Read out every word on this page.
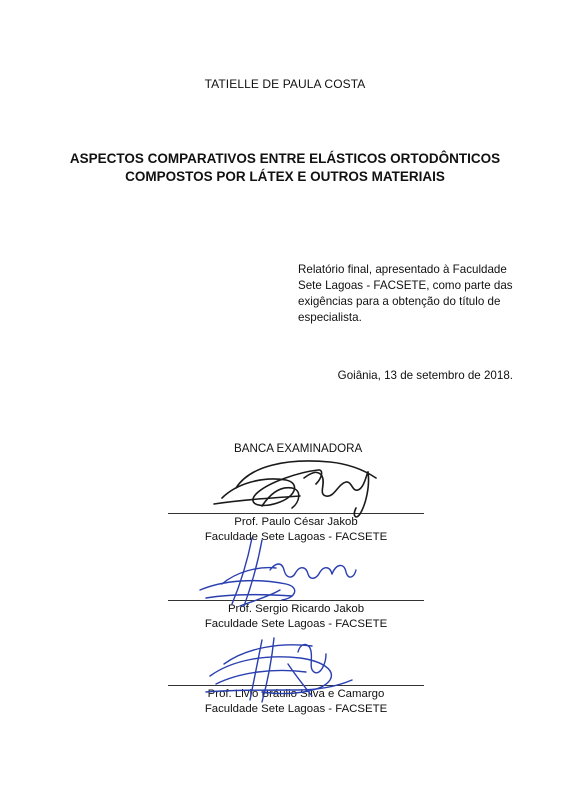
TATIELLE DE PAULA COSTA
ASPECTOS COMPARATIVOS ENTRE ELÁSTICOS ORTODÔNTICOS
COMPOSTOS POR LÁTEX E OUTROS MATERIAIS
Relatório final, apresentado à Faculdade
Sete Lagoas - FACSETE, como parte das
exigências para a obtenção do título de
especialista.
Goiânia, 13 de setembro de 2018.
BANCA EXAMINADORA
Prof. Paulo César Jakob
Faculdade Sete Lagoas - FACSETE
Prof. Sergio Ricardo Jakob
Faculdade Sete Lagoas - FACSETE
Prof. Livio Bráulio Silva e Camargo
Faculdade Sete Lagoas - FACSETE
